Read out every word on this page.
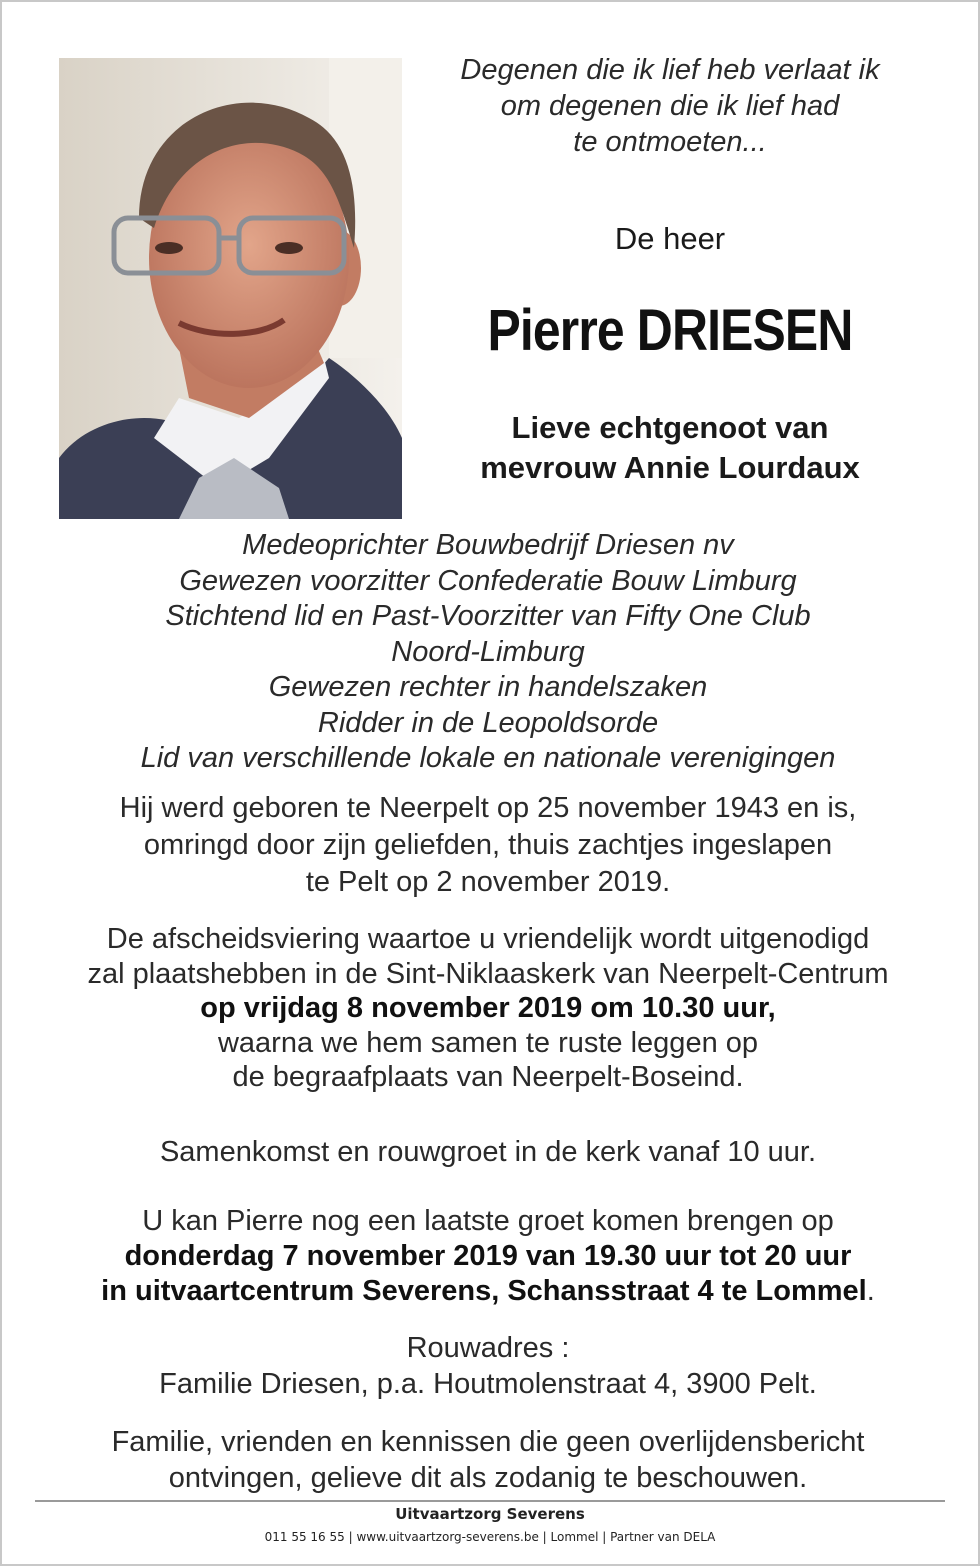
Degenen die ik lief heb verlaat ik
om degenen die ik lief had
te ontmoeten...
De heer
Pierre DRIESEN
Lieve echtgenoot van
mevrouw Annie Lourdaux
Medeoprichter Bouwbedrijf Driesen nv
Gewezen voorzitter Confederatie Bouw Limburg
Stichtend lid en Past-Voorzitter van Fifty One Club
Noord-Limburg
Gewezen rechter in handelszaken
Ridder in de Leopoldsorde
Lid van verschillende lokale en nationale verenigingen
Hij werd geboren te Neerpelt op 25 november 1943 en is,
omringd door zijn geliefden, thuis zachtjes ingeslapen
te Pelt op 2 november 2019.
De afscheidsviering waartoe u vriendelijk wordt uitgenodigd
zal plaatshebben in de Sint-Niklaaskerk van Neerpelt-Centrum
op vrijdag 8 november 2019 om 10.30 uur,
waarna we hem samen te ruste leggen op
de begraafplaats van Neerpelt-Boseind.
Samenkomst en rouwgroet in de kerk vanaf 10 uur.
U kan Pierre nog een laatste groet komen brengen op
donderdag 7 november 2019 van 19.30 uur tot 20 uur
in uitvaartcentrum Severens, Schansstraat 4 te Lommel.
Rouwadres :
Familie Driesen, p.a. Houtmolenstraat 4, 3900 Pelt.
Familie, vrienden en kennissen die geen overlijdensbericht
ontvingen, gelieve dit als zodanig te beschouwen.
Uitvaartzorg Severens
011 55 16 55 | www.uitvaartzorg-severens.be | Lommel | Partner van DELA
